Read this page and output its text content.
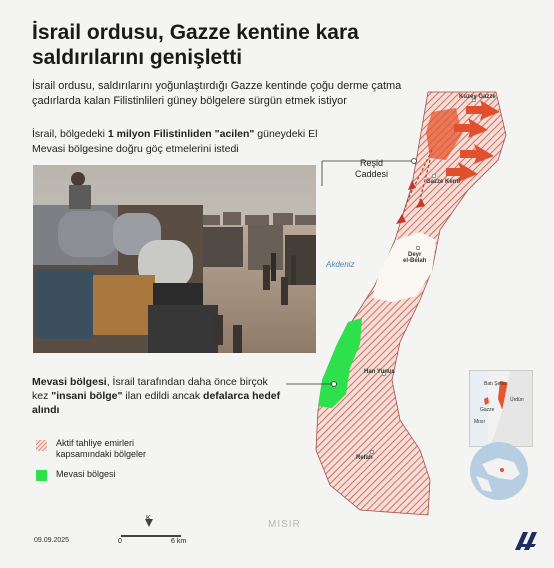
İsrail ordusu, Gazze kentine kara
saldırılarını genişletti
İsrail ordusu, saldırılarını yoğunlaştırdığı Gazze kentinde çoğu derme çatma çadırlarda kalan Filistinlileri güney bölgelere sürgün etmek istiyor
İsrail, bölgedeki 1 milyon Filistinliden "acilen" güneydeki El Mevasi bölgesine doğru göç etmelerini istedi
Mevasi bölgesi, İsrail tarafından daha önce birçok kez "insani bölge" ilan edildi ancak defalarca hedef alındı
Aktif tahliye emirleri
kapsamındaki bölgeler
Mevasi bölgesi
K
0	6 km
09.09.2025
Kuzey Gazze
Gazze Kenti
Reşid
Caddesi
Akdeniz
Deyr
el-Belah
Han Yunus
Refah
MISIR
Batı Şeria
Gazze
Ürdün
Mısır
